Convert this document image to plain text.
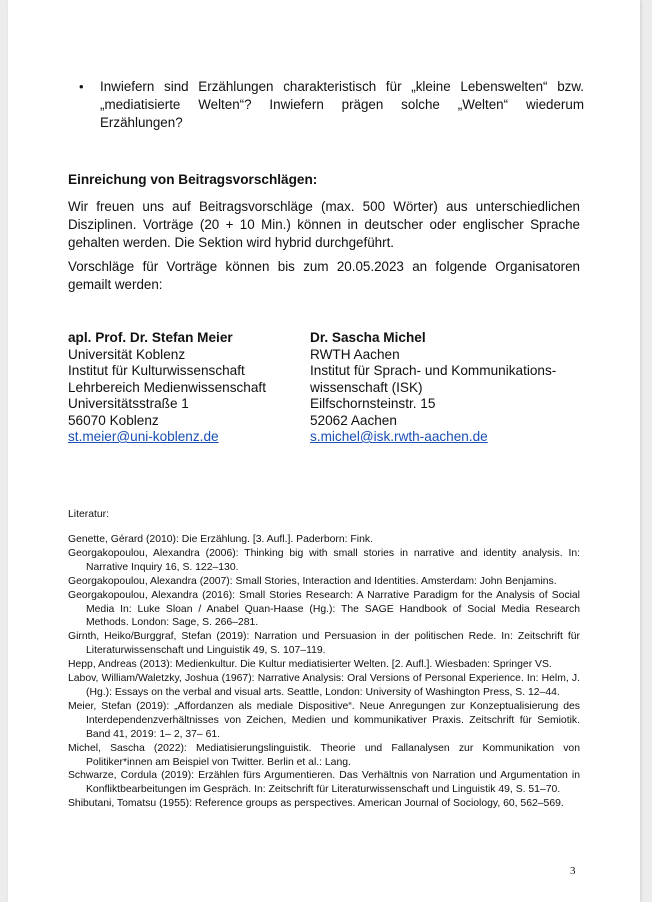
• Inwiefern sind Erzählungen charakteristisch für „kleine Lebenswelten“ bzw. „mediatisierte Welten“? Inwiefern prägen solche „Welten“ wiederum Erzählungen?
Einreichung von Beitragsvorschlägen:
Wir freuen uns auf Beitragsvorschläge (max. 500 Wörter) aus unterschiedlichen Disziplinen. Vorträge (20 + 10 Min.) können in deutscher oder englischer Sprache gehalten werden. Die Sektion wird hybrid durchgeführt.
Vorschläge für Vorträge können bis zum 20.05.2023 an folgende Organisatoren gemailt werden:
apl. Prof. Dr. Stefan Meier
Universität Koblenz
Institut für Kulturwissenschaft
Lehrbereich Medienwissenschaft
Universitätsstraße 1
56070 Koblenz
st.meier@uni-koblenz.de
Dr. Sascha Michel
RWTH Aachen
Institut für Sprach- und Kommunikations-
wissenschaft (ISK)
Eilfschornsteinstr. 15
52062 Aachen
s.michel@isk.rwth-aachen.de
Literatur:

Genette, Gérard (2010): Die Erzählung. [3. Aufl.]. Paderborn: Fink.

Georgakopoulou, Alexandra (2006): Thinking big with small stories in narrative and identity analysis. In: Narrative Inquiry 16, S. 122–130.

Georgakopoulou, Alexandra (2007): Small Stories, Interaction and Identities. Amsterdam: John Benjamins.

Georgakopoulou, Alexandra (2016): Small Stories Research: A Narrative Paradigm for the Analysis of Social Media In: Luke Sloan / Anabel Quan-Haase (Hg.): The SAGE Handbook of Social Media Research Methods. London: Sage, S. 266–281.

Girnth, Heiko/Burggraf, Stefan (2019): Narration und Persuasion in der politischen Rede. In: Zeitschrift für Literaturwissenschaft und Linguistik 49, S. 107–119.

Hepp, Andreas (2013): Medienkultur. Die Kultur mediatisierter Welten. [2. Aufl.]. Wiesbaden: Springer VS.

Labov, William/Waletzky, Joshua (1967): Narrative Analysis: Oral Versions of Personal Experience. In: Helm, J. (Hg.): Essays on the verbal and visual arts. Seattle, London: University of Washington Press, S. 12–44.

Meier, Stefan (2019): „Affordanzen als mediale Dispositive“. Neue Anregungen zur Konzeptualisierung des Interdependenzverhältnisses von Zeichen, Medien und kommunikativer Praxis. Zeitschrift für Semiotik. Band 41, 2019: 1– 2, 37– 61.

Michel, Sascha (2022): Mediatisierungslinguistik. Theorie und Fallanalysen zur Kommunikation von Politiker*innen am Beispiel von Twitter. Berlin et al.: Lang.

Schwarze, Cordula (2019): Erzählen fürs Argumentieren. Das Verhältnis von Narration und Argumentation in Konfliktbearbeitungen im Gespräch. In: Zeitschrift für Literaturwissenschaft und Linguistik 49, S. 51–70.

Shibutani, Tomatsu (1955): Reference groups as perspectives. American Journal of Sociology, 60, 562–569.

3
